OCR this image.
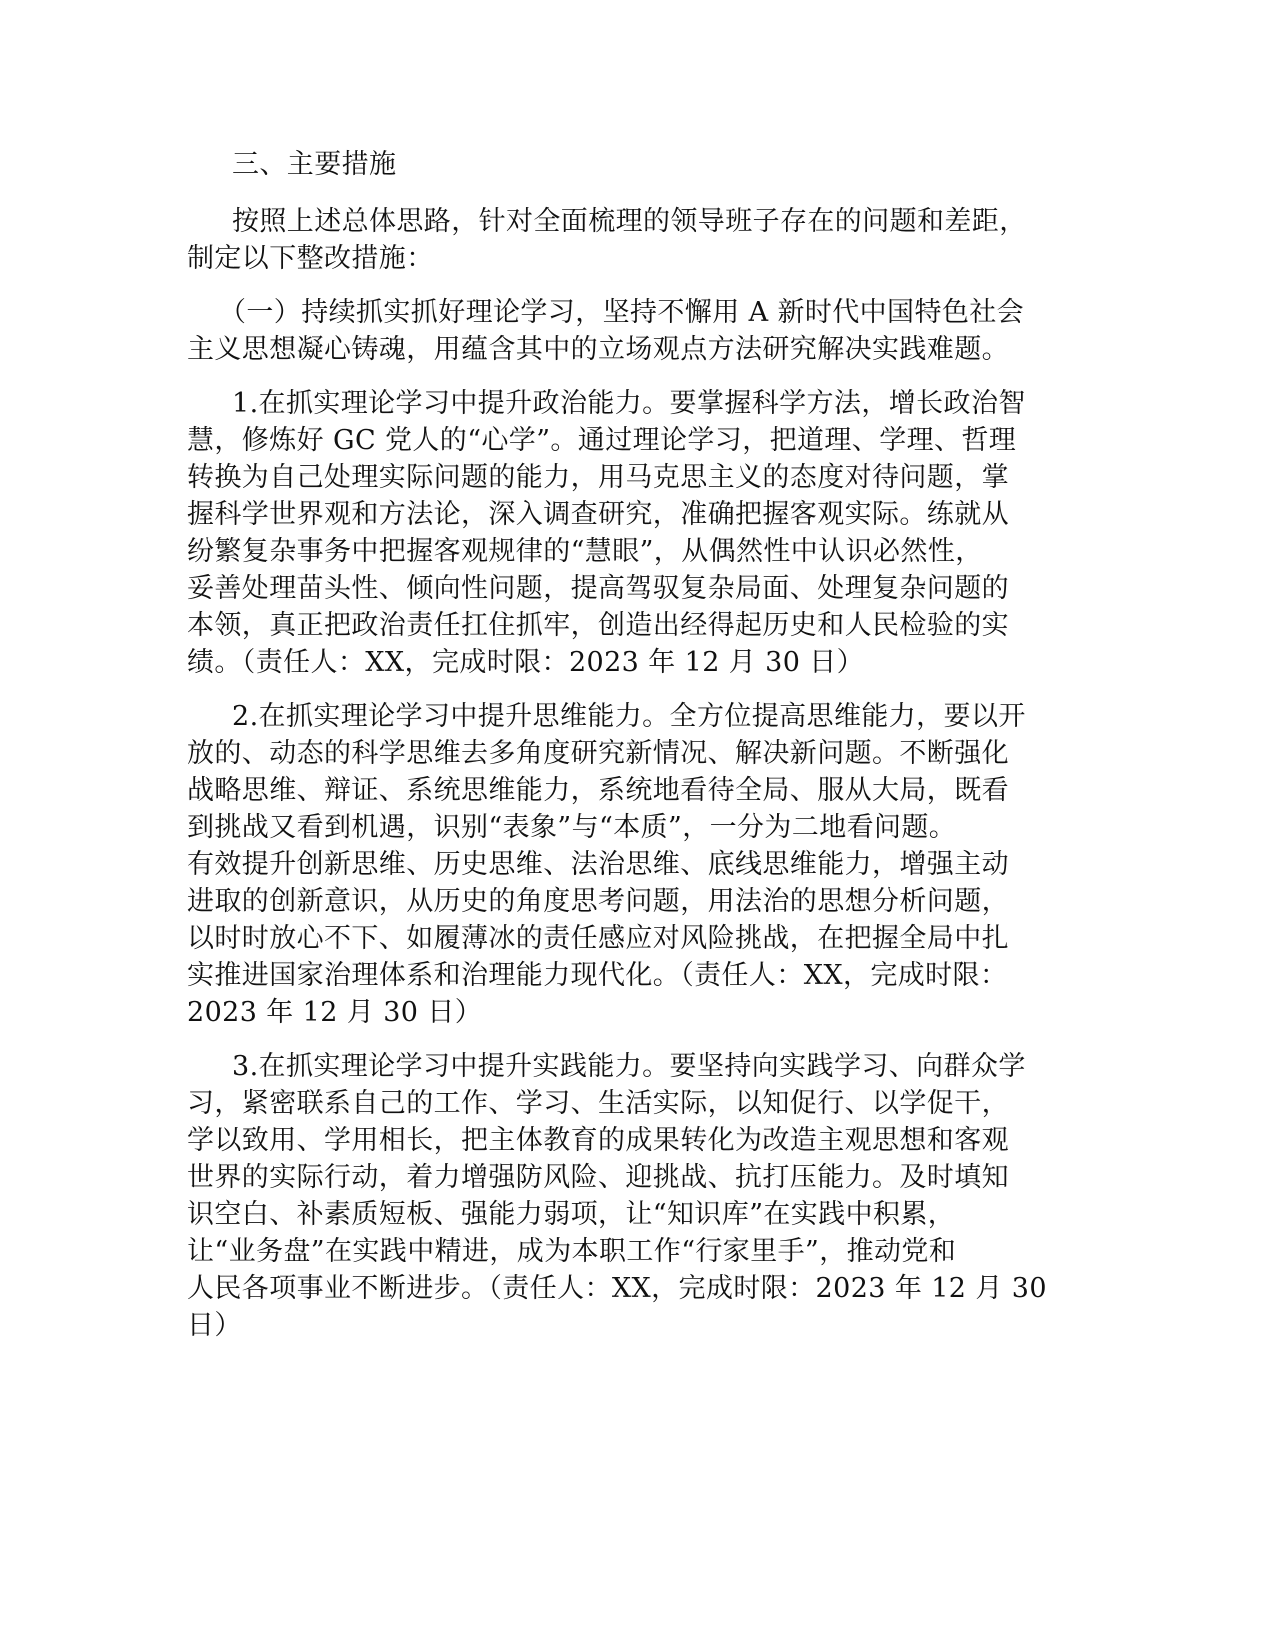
三、主要措施

按照上述总体思路，针对全面梳理的领导班子存在的问题和差距，
制定以下整改措施：

（一）持续抓实抓好理论学习，坚持不懈用 A 新时代中国特色社会
主义思想凝心铸魂，用蕴含其中的立场观点方法研究解决实践难题。

1.在抓实理论学习中提升政治能力。要掌握科学方法，增长政治智
慧，修炼好 GC 党人的“心学”。通过理论学习，把道理、学理、哲理
转换为自己处理实际问题的能力，用马克思主义的态度对待问题，掌
握科学世界观和方法论，深入调查研究，准确把握客观实际。练就从
纷繁复杂事务中把握客观规律的“慧眼”，从偶然性中认识必然性，
妥善处理苗头性、倾向性问题，提高驾驭复杂局面、处理复杂问题的
本领，真正把政治责任扛住抓牢，创造出经得起历史和人民检验的实
绩。（责任人：XX，完成时限：2023 年 12 月 30 日）

2.在抓实理论学习中提升思维能力。全方位提高思维能力，要以开
放的、动态的科学思维去多角度研究新情况、解决新问题。不断强化
战略思维、辩证、系统思维能力，系统地看待全局、服从大局，既看
到挑战又看到机遇，识别“表象”与“本质”，一分为二地看问题。
有效提升创新思维、历史思维、法治思维、底线思维能力，增强主动
进取的创新意识，从历史的角度思考问题，用法治的思想分析问题，
以时时放心不下、如履薄冰的责任感应对风险挑战，在把握全局中扎
实推进国家治理体系和治理能力现代化。（责任人：XX，完成时限：
2023 年 12 月 30 日）

3.在抓实理论学习中提升实践能力。要坚持向实践学习、向群众学
习，紧密联系自己的工作、学习、生活实际，以知促行、以学促干，
学以致用、学用相长，把主体教育的成果转化为改造主观思想和客观
世界的实际行动，着力增强防风险、迎挑战、抗打压能力。及时填知
识空白、补素质短板、强能力弱项，让“知识库”在实践中积累，
让“业务盘”在实践中精进，成为本职工作“行家里手”，推动党和
人民各项事业不断进步。（责任人：XX，完成时限：2023 年 12 月 30
日）
